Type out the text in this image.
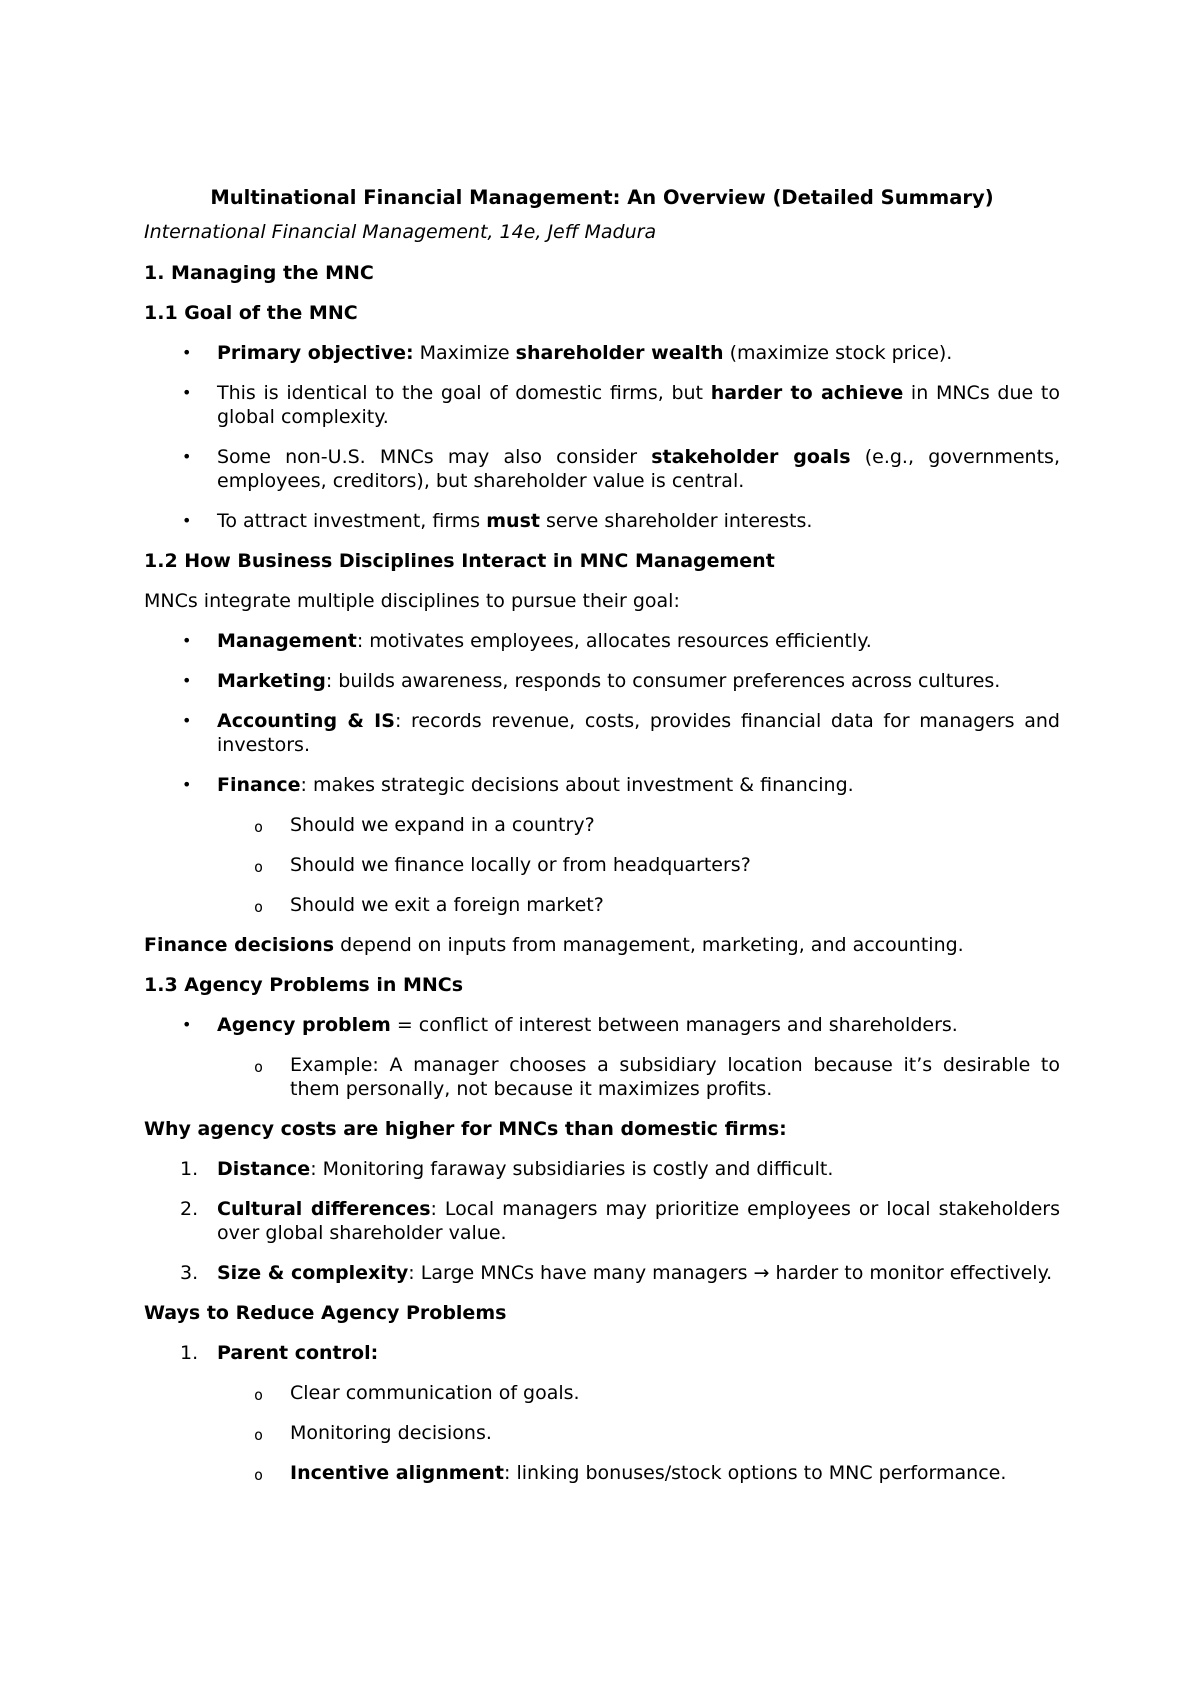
Multinational Financial Management: An Overview (Detailed Summary)

International Financial Management, 14e, Jeff Madura

1. Managing the MNC
1.1 Goal of the MNC
• Primary objective: Maximize shareholder wealth (maximize stock price).
• This is identical to the goal of domestic firms, but harder to achieve in MNCs due to global complexity.
• Some non-U.S. MNCs may also consider stakeholder goals (e.g., governments, employees, creditors), but shareholder value is central.
• To attract investment, firms must serve shareholder interests.
1.2 How Business Disciplines Interact in MNC Management

MNCs integrate multiple disciplines to pursue their goal:

• Management: motivates employees, allocates resources efficiently.
• Marketing: builds awareness, responds to consumer preferences across cultures.
• Accounting & IS: records revenue, costs, provides financial data for managers and investors.
• Finance: makes strategic decisions about investment & financing.
o Should we expand in a country?
o Should we finance locally or from headquarters?
o Should we exit a foreign market?

Finance decisions depend on inputs from management, marketing, and accounting.

1.3 Agency Problems in MNCs
• Agency problem = conflict of interest between managers and shareholders.
o Example: A manager chooses a subsidiary location because it’s desirable to them personally, not because it maximizes profits.

Why agency costs are higher for MNCs than domestic firms:

1. Distance: Monitoring faraway subsidiaries is costly and difficult.
2. Cultural differences: Local managers may prioritize employees or local stakeholders over global shareholder value.
3. Size & complexity: Large MNCs have many managers → harder to monitor effectively.

Ways to Reduce Agency Problems

1. Parent control:
o Clear communication of goals.
o Monitoring decisions.
o Incentive alignment: linking bonuses/stock options to MNC performance.
